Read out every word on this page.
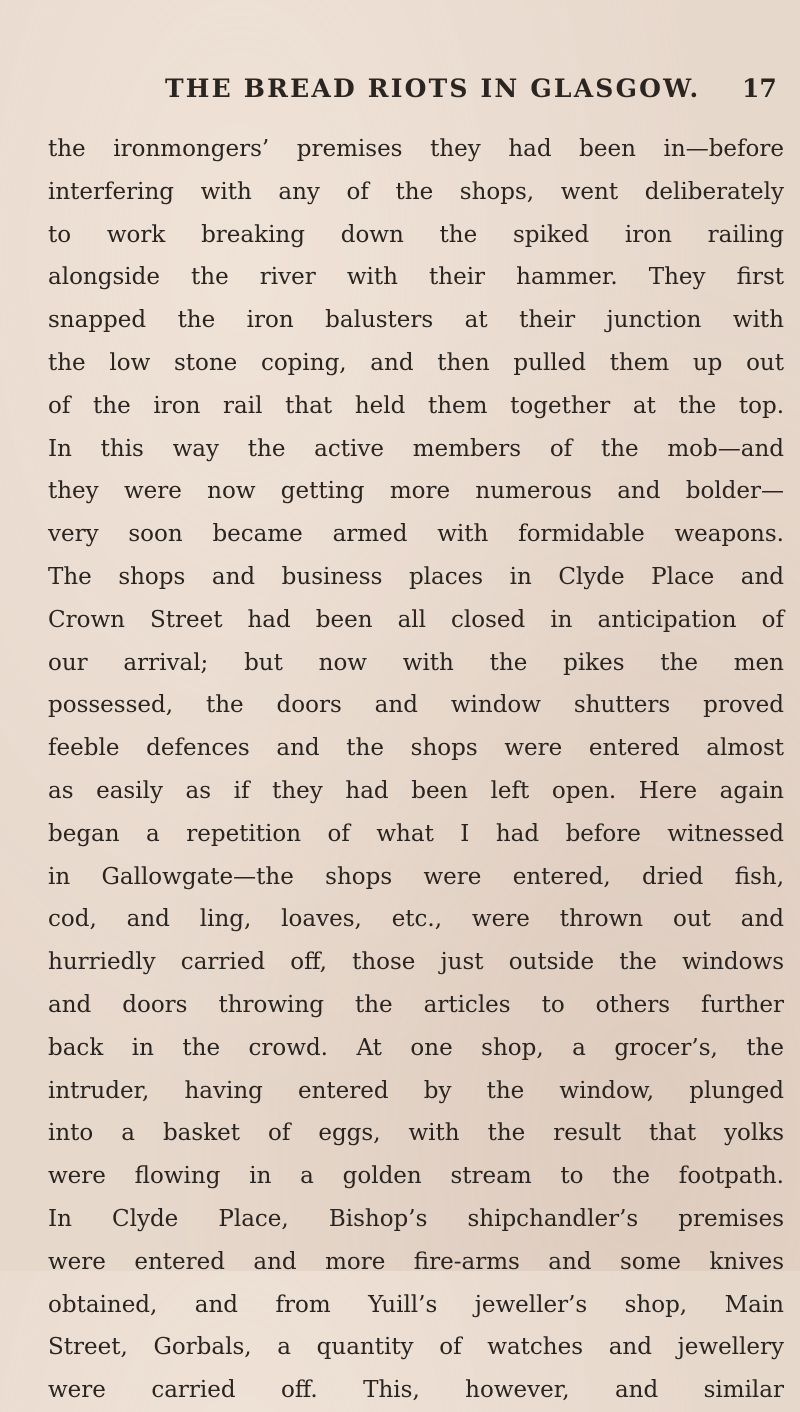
THE BREAD RIOTS IN GLASGOW. 17
the ironmongers’ premises they had been in—before
interfering with any of the shops, went deliberately
to work breaking down the spiked iron railing
alongside the river with their hammer. They first
snapped the iron balusters at their junction with
the low stone coping, and then pulled them up out
of the iron rail that held them together at the top.
In this way the active members of the mob—and
they were now getting more numerous and bolder—
very soon became armed with formidable weapons.
The shops and business places in Clyde Place and
Crown Street had been all closed in anticipation of
our arrival; but now with the pikes the men
possessed, the doors and window shutters proved
feeble defences and the shops were entered almost
as easily as if they had been left open. Here again
began a repetition of what I had before witnessed
in Gallowgate—the shops were entered, dried fish,
cod, and ling, loaves, etc., were thrown out and
hurriedly carried off, those just outside the windows
and doors throwing the articles to others further
back in the crowd. At one shop, a grocer’s, the
intruder, having entered by the window, plunged
into a basket of eggs, with the result that yolks
were flowing in a golden stream to the footpath.
In Clyde Place, Bishop’s shipchandler’s premises
were entered and more fire-arms and some knives
obtained, and from Yuill’s jeweller’s shop, Main
Street, Gorbals, a quantity of watches and jewellery
were carried off. This, however, and similar
